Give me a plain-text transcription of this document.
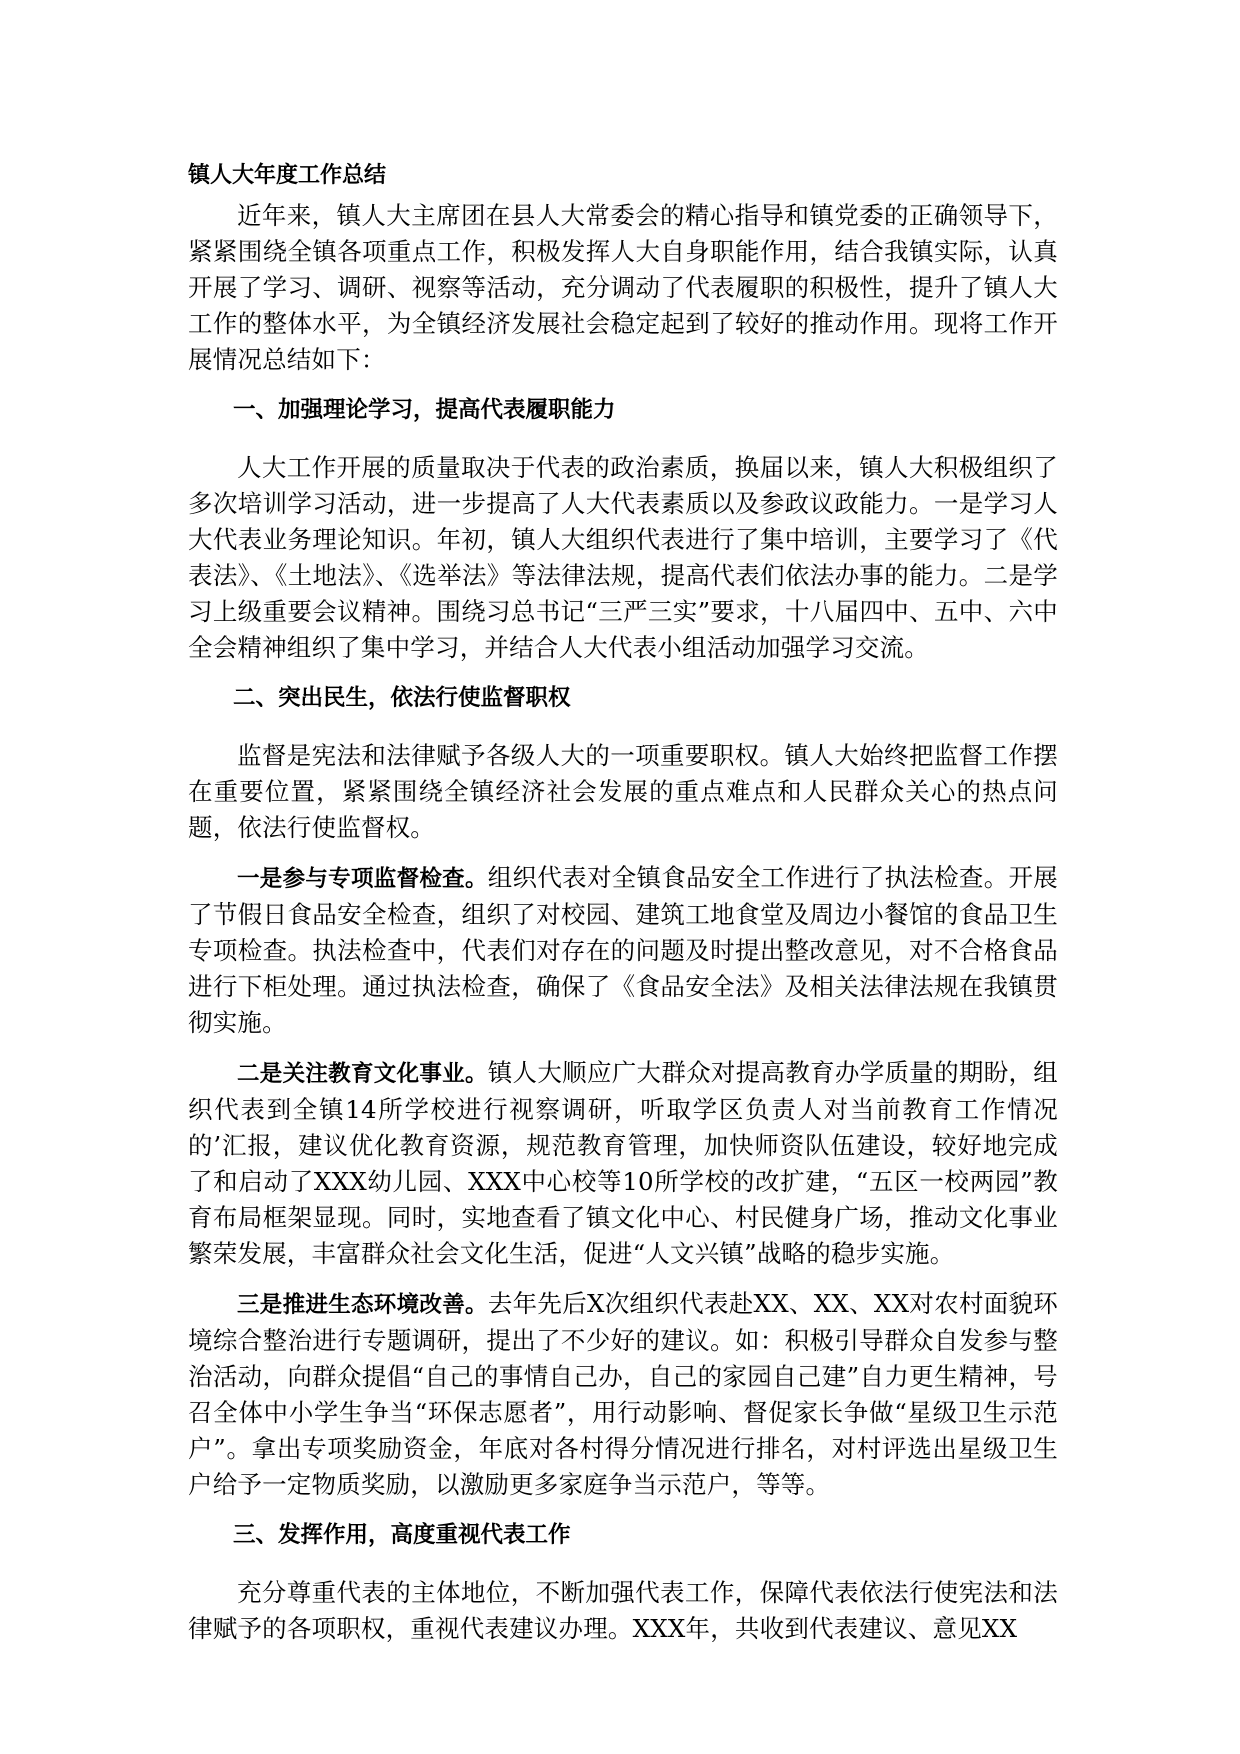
镇人大年度工作总结

近年来，镇人大主席团在县人大常委会的精心指导和镇党委的正确领导下，紧紧围绕全镇各项重点工作，积极发挥人大自身职能作用，结合我镇实际，认真开展了学习、调研、视察等活动，充分调动了代表履职的积极性，提升了镇人大工作的整体水平，为全镇经济发展社会稳定起到了较好的推动作用。现将工作开展情况总结如下：

一、加强理论学习，提高代表履职能力

人大工作开展的质量取决于代表的政治素质，换届以来，镇人大积极组织了多次培训学习活动，进一步提高了人大代表素质以及参政议政能力。一是学习人大代表业务理论知识。年初，镇人大组织代表进行了集中培训，主要学习了《代表法》、《土地法》、《选举法》等法律法规，提高代表们依法办事的能力。二是学习上级重要会议精神。围绕习总书记“三严三实”要求，十八届四中、五中、六中全会精神组织了集中学习，并结合人大代表小组活动加强学习交流。

二、突出民生，依法行使监督职权

监督是宪法和法律赋予各级人大的一项重要职权。镇人大始终把监督工作摆在重要位置，紧紧围绕全镇经济社会发展的重点难点和人民群众关心的热点问题，依法行使监督权。

一是参与专项监督检查。组织代表对全镇食品安全工作进行了执法检查。开展了节假日食品安全检查，组织了对校园、建筑工地食堂及周边小餐馆的食品卫生专项检查。执法检查中，代表们对存在的问题及时提出整改意见，对不合格食品进行下柜处理。通过执法检查，确保了《食品安全法》及相关法律法规在我镇贯彻实施。

二是关注教育文化事业。镇人大顺应广大群众对提高教育办学质量的期盼，组织代表到全镇14所学校进行视察调研，听取学区负责人对当前教育工作情况的’汇报，建议优化教育资源，规范教育管理，加快师资队伍建设，较好地完成了和启动了XXX幼儿园、XXX中心校等10所学校的改扩建，“五区一校两园”教育布局框架显现。同时，实地查看了镇文化中心、村民健身广场，推动文化事业繁荣发展，丰富群众社会文化生活，促进“人文兴镇”战略的稳步实施。

三是推进生态环境改善。去年先后X次组织代表赴XX、XX、XX对农村面貌环境综合整治进行专题调研，提出了不少好的建议。如：积极引导群众自发参与整治活动，向群众提倡“自己的事情自己办，自己的家园自己建”自力更生精神，号召全体中小学生争当“环保志愿者”，用行动影响、督促家长争做“星级卫生示范户”。拿出专项奖励资金，年底对各村得分情况进行排名，对村评选出星级卫生户给予一定物质奖励，以激励更多家庭争当示范户，等等。

三、发挥作用，高度重视代表工作

充分尊重代表的主体地位，不断加强代表工作，保障代表依法行使宪法和法律赋予的各项职权，重视代表建议办理。XXX年，共收到代表建议、意见XX
